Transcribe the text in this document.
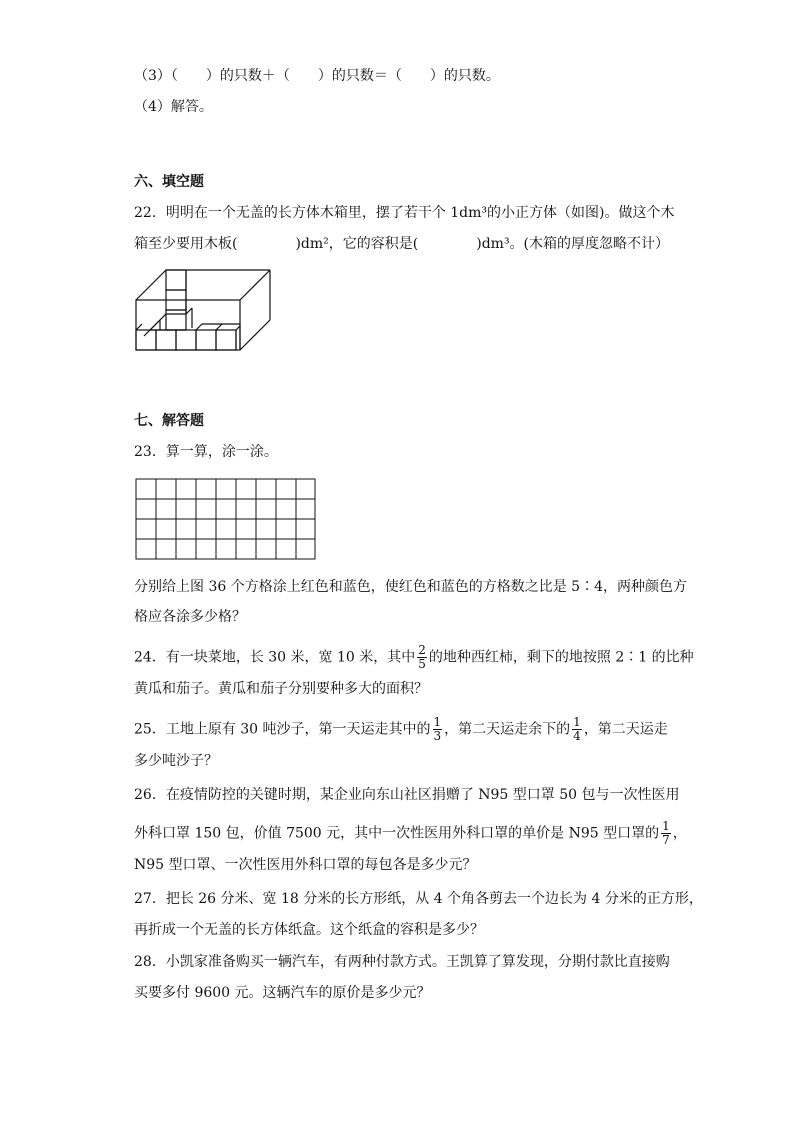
（3）（　　）的只数＋（　　）的只数＝（　　）的只数。
（4）解答。
六、填空题
22．明明在一个无盖的长方体木箱里，摆了若干个 1dm³的小正方体（如图)。做这个木
箱至少要用木板(	)dm²，它的容积是(	)dm³。(木箱的厚度忽略不计）
七、解答题
23．算一算，涂一涂。
分别给上图 36 个方格涂上红色和蓝色，使红色和蓝色的方格数之比是 5∶4，两种颜色方
格应各涂多少格？
24．有一块菜地，长 30 米，宽 10 米，其中 $\frac{2}{5}$ 的地种西红柿，剩下的地按照 2∶1 的比种
黄瓜和茄子。黄瓜和茄子分别要种多大的面积？
25．工地上原有 30 吨沙子，第一天运走其中的 $\frac{1}{3}$ ，第二天运走余下的 $\frac{1}{4}$ ，第二天运走
多少吨沙子？
26．在疫情防控的关键时期，某企业向东山社区捐赠了 N95 型口罩 50 包与一次性医用
外科口罩 150 包，价值 7500 元，其中一次性医用外科口罩的单价是 N95 型口罩的 $\frac{1}{7}$ ，
N95 型口罩、一次性医用外科口罩的每包各是多少元？
27．把长 26 分米、宽 18 分米的长方形纸，从 4 个角各剪去一个边长为 4 分米的正方形，
再折成一个无盖的长方体纸盒。这个纸盒的容积是多少？
28．小凯家准备购买一辆汽车，有两种付款方式。王凯算了算发现，分期付款比直接购
买要多付 9600 元。这辆汽车的原价是多少元？
